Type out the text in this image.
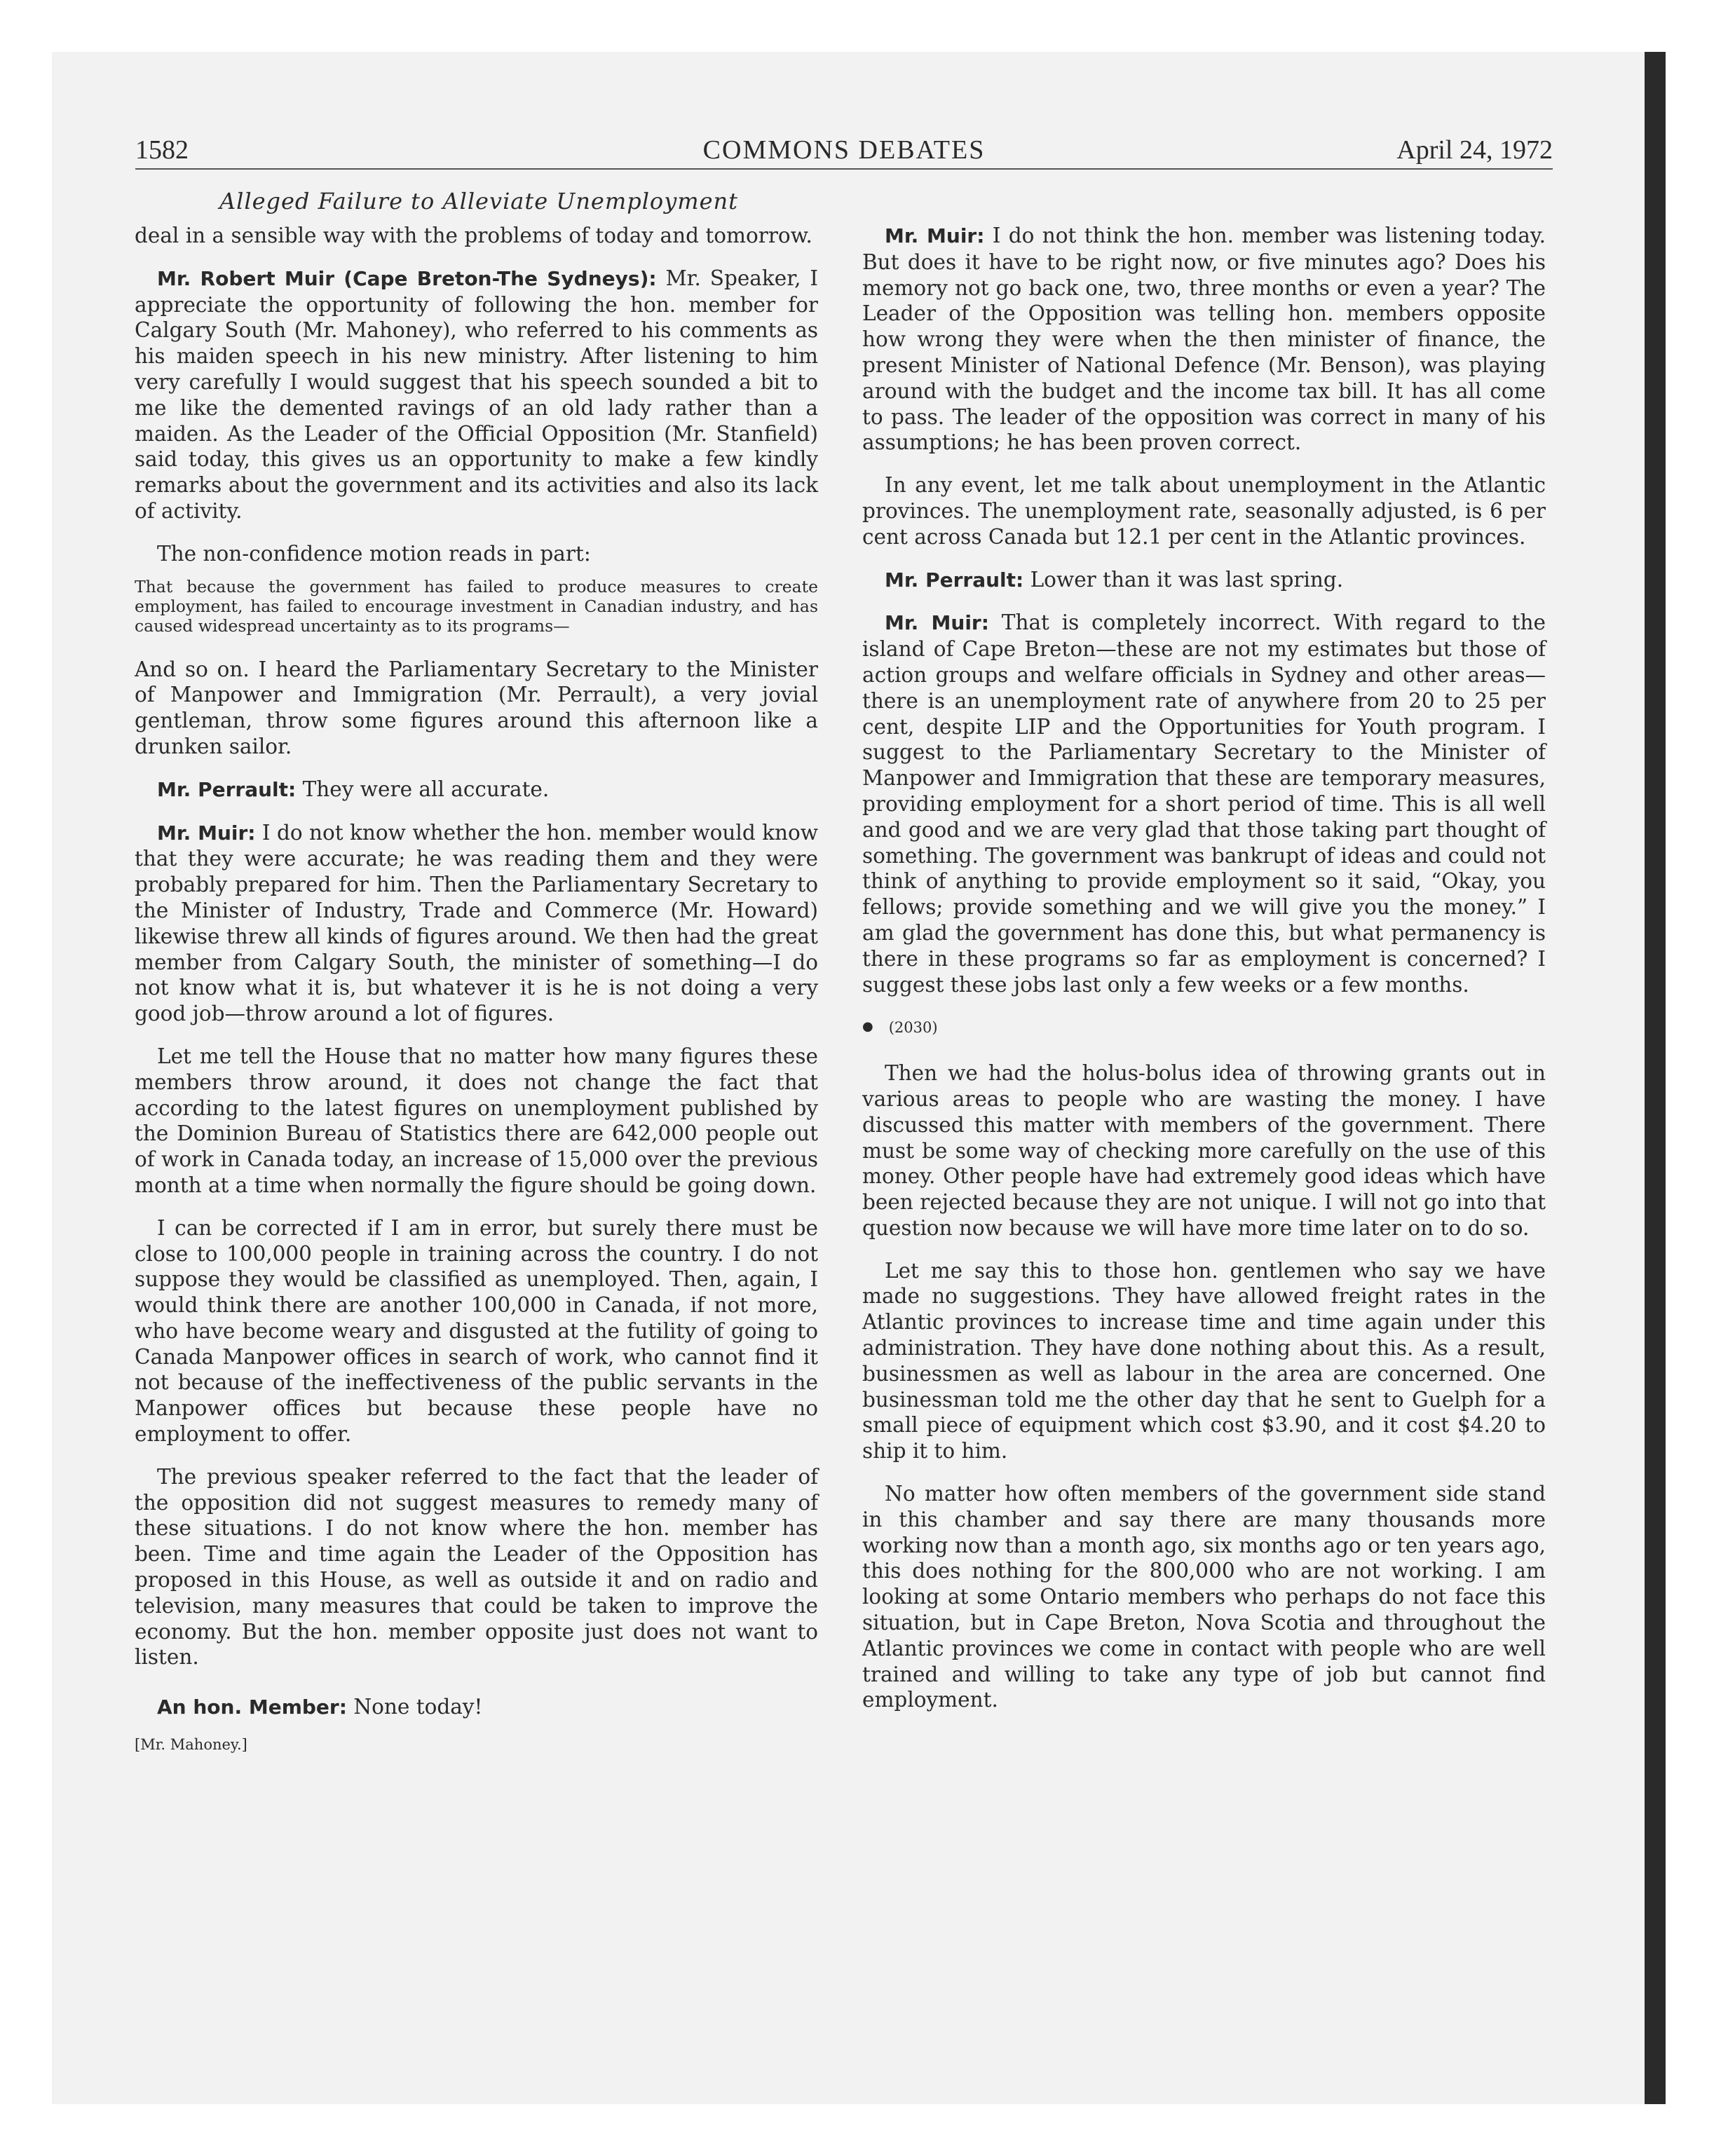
1582	COMMONS DEBATES	April 24, 1972
Alleged Failure to Alleviate Unemployment

deal in a sensible way with the problems of today and tomorrow.

Mr. Robert Muir (Cape Breton-The Sydneys): Mr. Speaker, I appreciate the opportunity of following the hon. member for Calgary South (Mr. Mahoney), who referred to his comments as his maiden speech in his new ministry. After listening to him very carefully I would suggest that his speech sounded a bit to me like the demented ravings of an old lady rather than a maiden. As the Leader of the Official Opposition (Mr. Stanfield) said today, this gives us an opportunity to make a few kindly remarks about the government and its activities and also its lack of activity.

The non-confidence motion reads in part:

That because the government has failed to produce measures to create employment, has failed to encourage investment in Canadian industry, and has caused widespread uncertainty as to its programs—

And so on. I heard the Parliamentary Secretary to the Minister of Manpower and Immigration (Mr. Perrault), a very jovial gentleman, throw some figures around this afternoon like a drunken sailor.

Mr. Perrault: They were all accurate.

Mr. Muir: I do not know whether the hon. member would know that they were accurate; he was reading them and they were probably prepared for him. Then the Parliamentary Secretary to the Minister of Industry, Trade and Commerce (Mr. Howard) likewise threw all kinds of figures around. We then had the great member from Calgary South, the minister of something—I do not know what it is, but whatever it is he is not doing a very good job—throw around a lot of figures.

Let me tell the House that no matter how many figures these members throw around, it does not change the fact that according to the latest figures on unemployment published by the Dominion Bureau of Statistics there are 642,000 people out of work in Canada today, an increase of 15,000 over the previous month at a time when normally the figure should be going down.

I can be corrected if I am in error, but surely there must be close to 100,000 people in training across the country. I do not suppose they would be classified as unemployed. Then, again, I would think there are another 100,000 in Canada, if not more, who have become weary and disgusted at the futility of going to Canada Manpower offices in search of work, who cannot find it not because of the ineffectiveness of the public servants in the Manpower offices but because these people have no employment to offer.

The previous speaker referred to the fact that the leader of the opposition did not suggest measures to remedy many of these situations. I do not know where the hon. member has been. Time and time again the Leader of the Opposition has proposed in this House, as well as outside it and on radio and television, many measures that could be taken to improve the economy. But the hon. member opposite just does not want to listen.

An hon. Member: None today!

[Mr. Mahoney.]

Mr. Muir: I do not think the hon. member was listening today. But does it have to be right now, or five minutes ago? Does his memory not go back one, two, three months or even a year? The Leader of the Opposition was telling hon. members opposite how wrong they were when the then minister of finance, the present Minister of National Defence (Mr. Benson), was playing around with the budget and the income tax bill. It has all come to pass. The leader of the opposition was correct in many of his assumptions; he has been proven correct.

In any event, let me talk about unemployment in the Atlantic provinces. The unemployment rate, seasonally adjusted, is 6 per cent across Canada but 12.1 per cent in the Atlantic provinces.

Mr. Perrault: Lower than it was last spring.

Mr. Muir: That is completely incorrect. With regard to the island of Cape Breton—these are not my estimates but those of action groups and welfare officials in Sydney and other areas—there is an unemployment rate of anywhere from 20 to 25 per cent, despite LIP and the Opportunities for Youth program. I suggest to the Parliamentary Secretary to the Minister of Manpower and Immigration that these are temporary measures, providing employment for a short period of time. This is all well and good and we are very glad that those taking part thought of something. The government was bankrupt of ideas and could not think of anything to provide employment so it said, “Okay, you fellows; provide something and we will give you the money.” I am glad the government has done this, but what permanency is there in these programs so far as employment is concerned? I suggest these jobs last only a few weeks or a few months.

● (2030)

Then we had the holus-bolus idea of throwing grants out in various areas to people who are wasting the money. I have discussed this matter with members of the government. There must be some way of checking more carefully on the use of this money. Other people have had extremely good ideas which have been rejected because they are not unique. I will not go into that question now because we will have more time later on to do so.

Let me say this to those hon. gentlemen who say we have made no suggestions. They have allowed freight rates in the Atlantic provinces to increase time and time again under this administration. They have done nothing about this. As a result, businessmen as well as labour in the area are concerned. One businessman told me the other day that he sent to Guelph for a small piece of equipment which cost $3.90, and it cost $4.20 to ship it to him.

No matter how often members of the government side stand in this chamber and say there are many thousands more working now than a month ago, six months ago or ten years ago, this does nothing for the 800,000 who are not working. I am looking at some Ontario members who perhaps do not face this situation, but in Cape Breton, Nova Scotia and throughout the Atlantic provinces we come in contact with people who are well trained and willing to take any type of job but cannot find employment.
